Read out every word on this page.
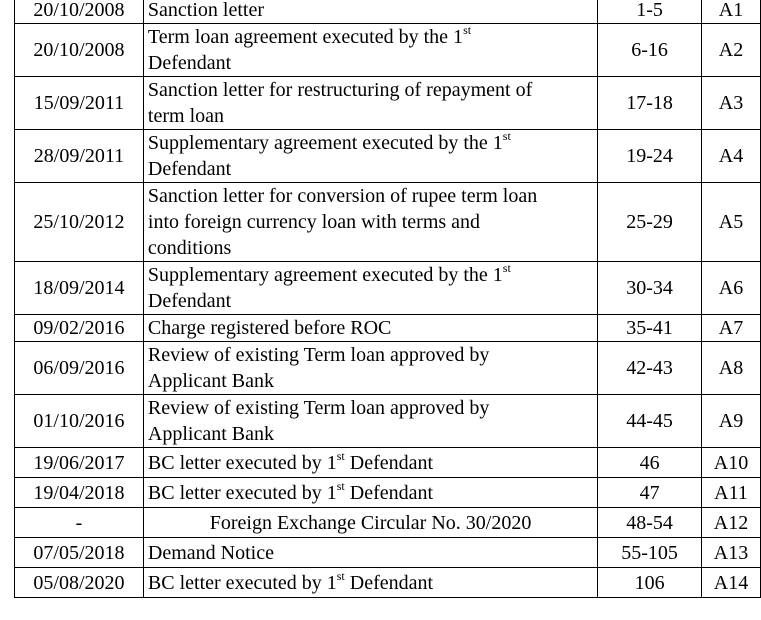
20/10/2008	Sanction letter	1-5	A1
20/10/2008	Term loan agreement executed by the 1st
Defendant	6-16	A2
15/09/2011	Sanction letter for restructuring of repayment of
term loan	17-18	A3
28/09/2011	Supplementary agreement executed by the 1st
Defendant	19-24	A4
25/10/2012	Sanction letter for conversion of rupee term loan
into foreign currency loan with terms and
conditions	25-29	A5
18/09/2014	Supplementary agreement executed by the 1st
Defendant	30-34	A6
09/02/2016	Charge registered before ROC	35-41	A7
06/09/2016	Review of existing Term loan approved by
Applicant Bank	42-43	A8
01/10/2016	Review of existing Term loan approved by
Applicant Bank	44-45	A9
19/06/2017	BC letter executed by 1st Defendant	46	A10
19/04/2018	BC letter executed by 1st Defendant	47	A11
-	Foreign Exchange Circular No. 30/2020	48-54	A12
07/05/2018	Demand Notice	55-105	A13
05/08/2020	BC letter executed by 1st Defendant	106	A14
